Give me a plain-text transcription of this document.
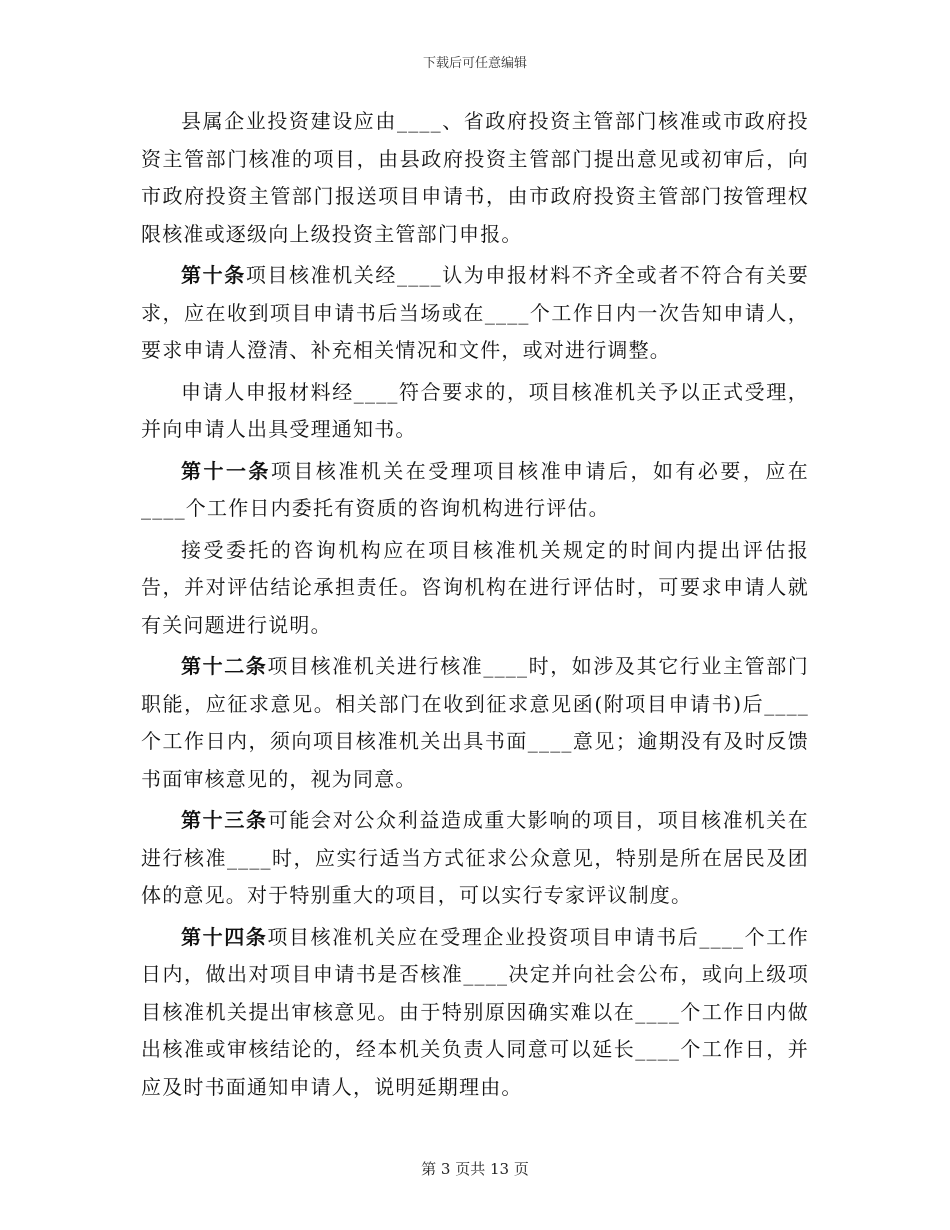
下载后可任意编辑

县属企业投资建设应由____、省政府投资主管部门核准或市政府投资主管部门核准的项目，由县政府投资主管部门提出意见或初审后，向市政府投资主管部门报送项目申请书，由市政府投资主管部门按管理权限核准或逐级向上级投资主管部门申报。

第十条项目核准机关经____认为申报材料不齐全或者不符合有关要求，应在收到项目申请书后当场或在____个工作日内一次告知申请人，要求申请人澄清、补充相关情况和文件，或对进行调整。

申请人申报材料经____符合要求的，项目核准机关予以正式受理，并向申请人出具受理通知书。

第十一条项目核准机关在受理项目核准申请后，如有必要，应在____个工作日内委托有资质的咨询机构进行评估。

接受委托的咨询机构应在项目核准机关规定的时间内提出评估报告，并对评估结论承担责任。咨询机构在进行评估时，可要求申请人就有关问题进行说明。

第十二条项目核准机关进行核准____时，如涉及其它行业主管部门职能，应征求意见。相关部门在收到征求意见函(附项目申请书)后____个工作日内，须向项目核准机关出具书面____意见；逾期没有及时反馈书面审核意见的，视为同意。

第十三条可能会对公众利益造成重大影响的项目，项目核准机关在进行核准____时，应实行适当方式征求公众意见，特别是所在居民及团体的意见。对于特别重大的项目，可以实行专家评议制度。

第十四条项目核准机关应在受理企业投资项目申请书后____个工作日内，做出对项目申请书是否核准____决定并向社会公布，或向上级项目核准机关提出审核意见。由于特别原因确实难以在____个工作日内做出核准或审核结论的，经本机关负责人同意可以延长____个工作日，并应及时书面通知申请人，说明延期理由。

第 3 页共 13 页
